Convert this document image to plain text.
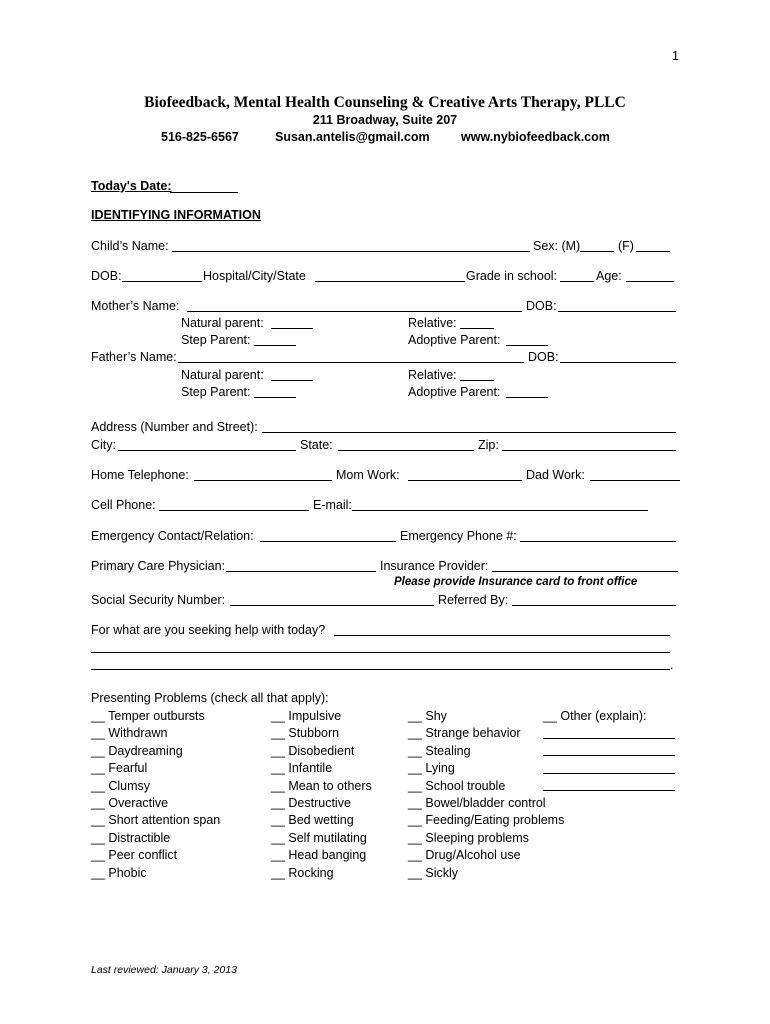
1
Biofeedback, Mental Health Counseling & Creative Arts Therapy, PLLC
211 Broadway, Suite 207
516-825-6567	Susan.antelis@gmail.com	www.nybiofeedback.com
Today's Date:
IDENTIFYING INFORMATION
Child’s Name:	Sex: (M)	(F)
DOB:	Hospital/City/State	Grade in school:	Age:
Mother’s Name:	DOB:
Natural parent:	Relative:
Step Parent:	Adoptive Parent:
Father’s Name:	DOB:
Natural parent:	Relative:
Step Parent:	Adoptive Parent:
Address (Number and Street):
City:	State:	Zip:
Home Telephone:	Mom Work:	Dad Work:
Cell Phone:	E-mail:
Emergency Contact/Relation:	Emergency Phone #:
Primary Care Physician:	Insurance Provider:
Please provide Insurance card to front office
Social Security Number:	Referred By:
For what are you seeking help with today?
.
Presenting Problems (check all that apply):
__ Temper outbursts
__ Withdrawn
__ Daydreaming
__ Fearful
__ Clumsy
__ Overactive
__ Short attention span
__ Distractible
__ Peer conflict
__ Phobic
__ Impulsive
__ Stubborn
__ Disobedient
__ Infantile
__ Mean to others
__ Destructive
__ Bed wetting
__ Self mutilating
__ Head banging
__ Rocking
__ Shy
__ Strange behavior
__ Stealing
__ Lying
__ School trouble
__ Bowel/bladder control
__ Feeding/Eating problems
__ Sleeping problems
__ Drug/Alcohol use
__ Sickly
__ Other (explain):
Last reviewed: January 3, 2013
